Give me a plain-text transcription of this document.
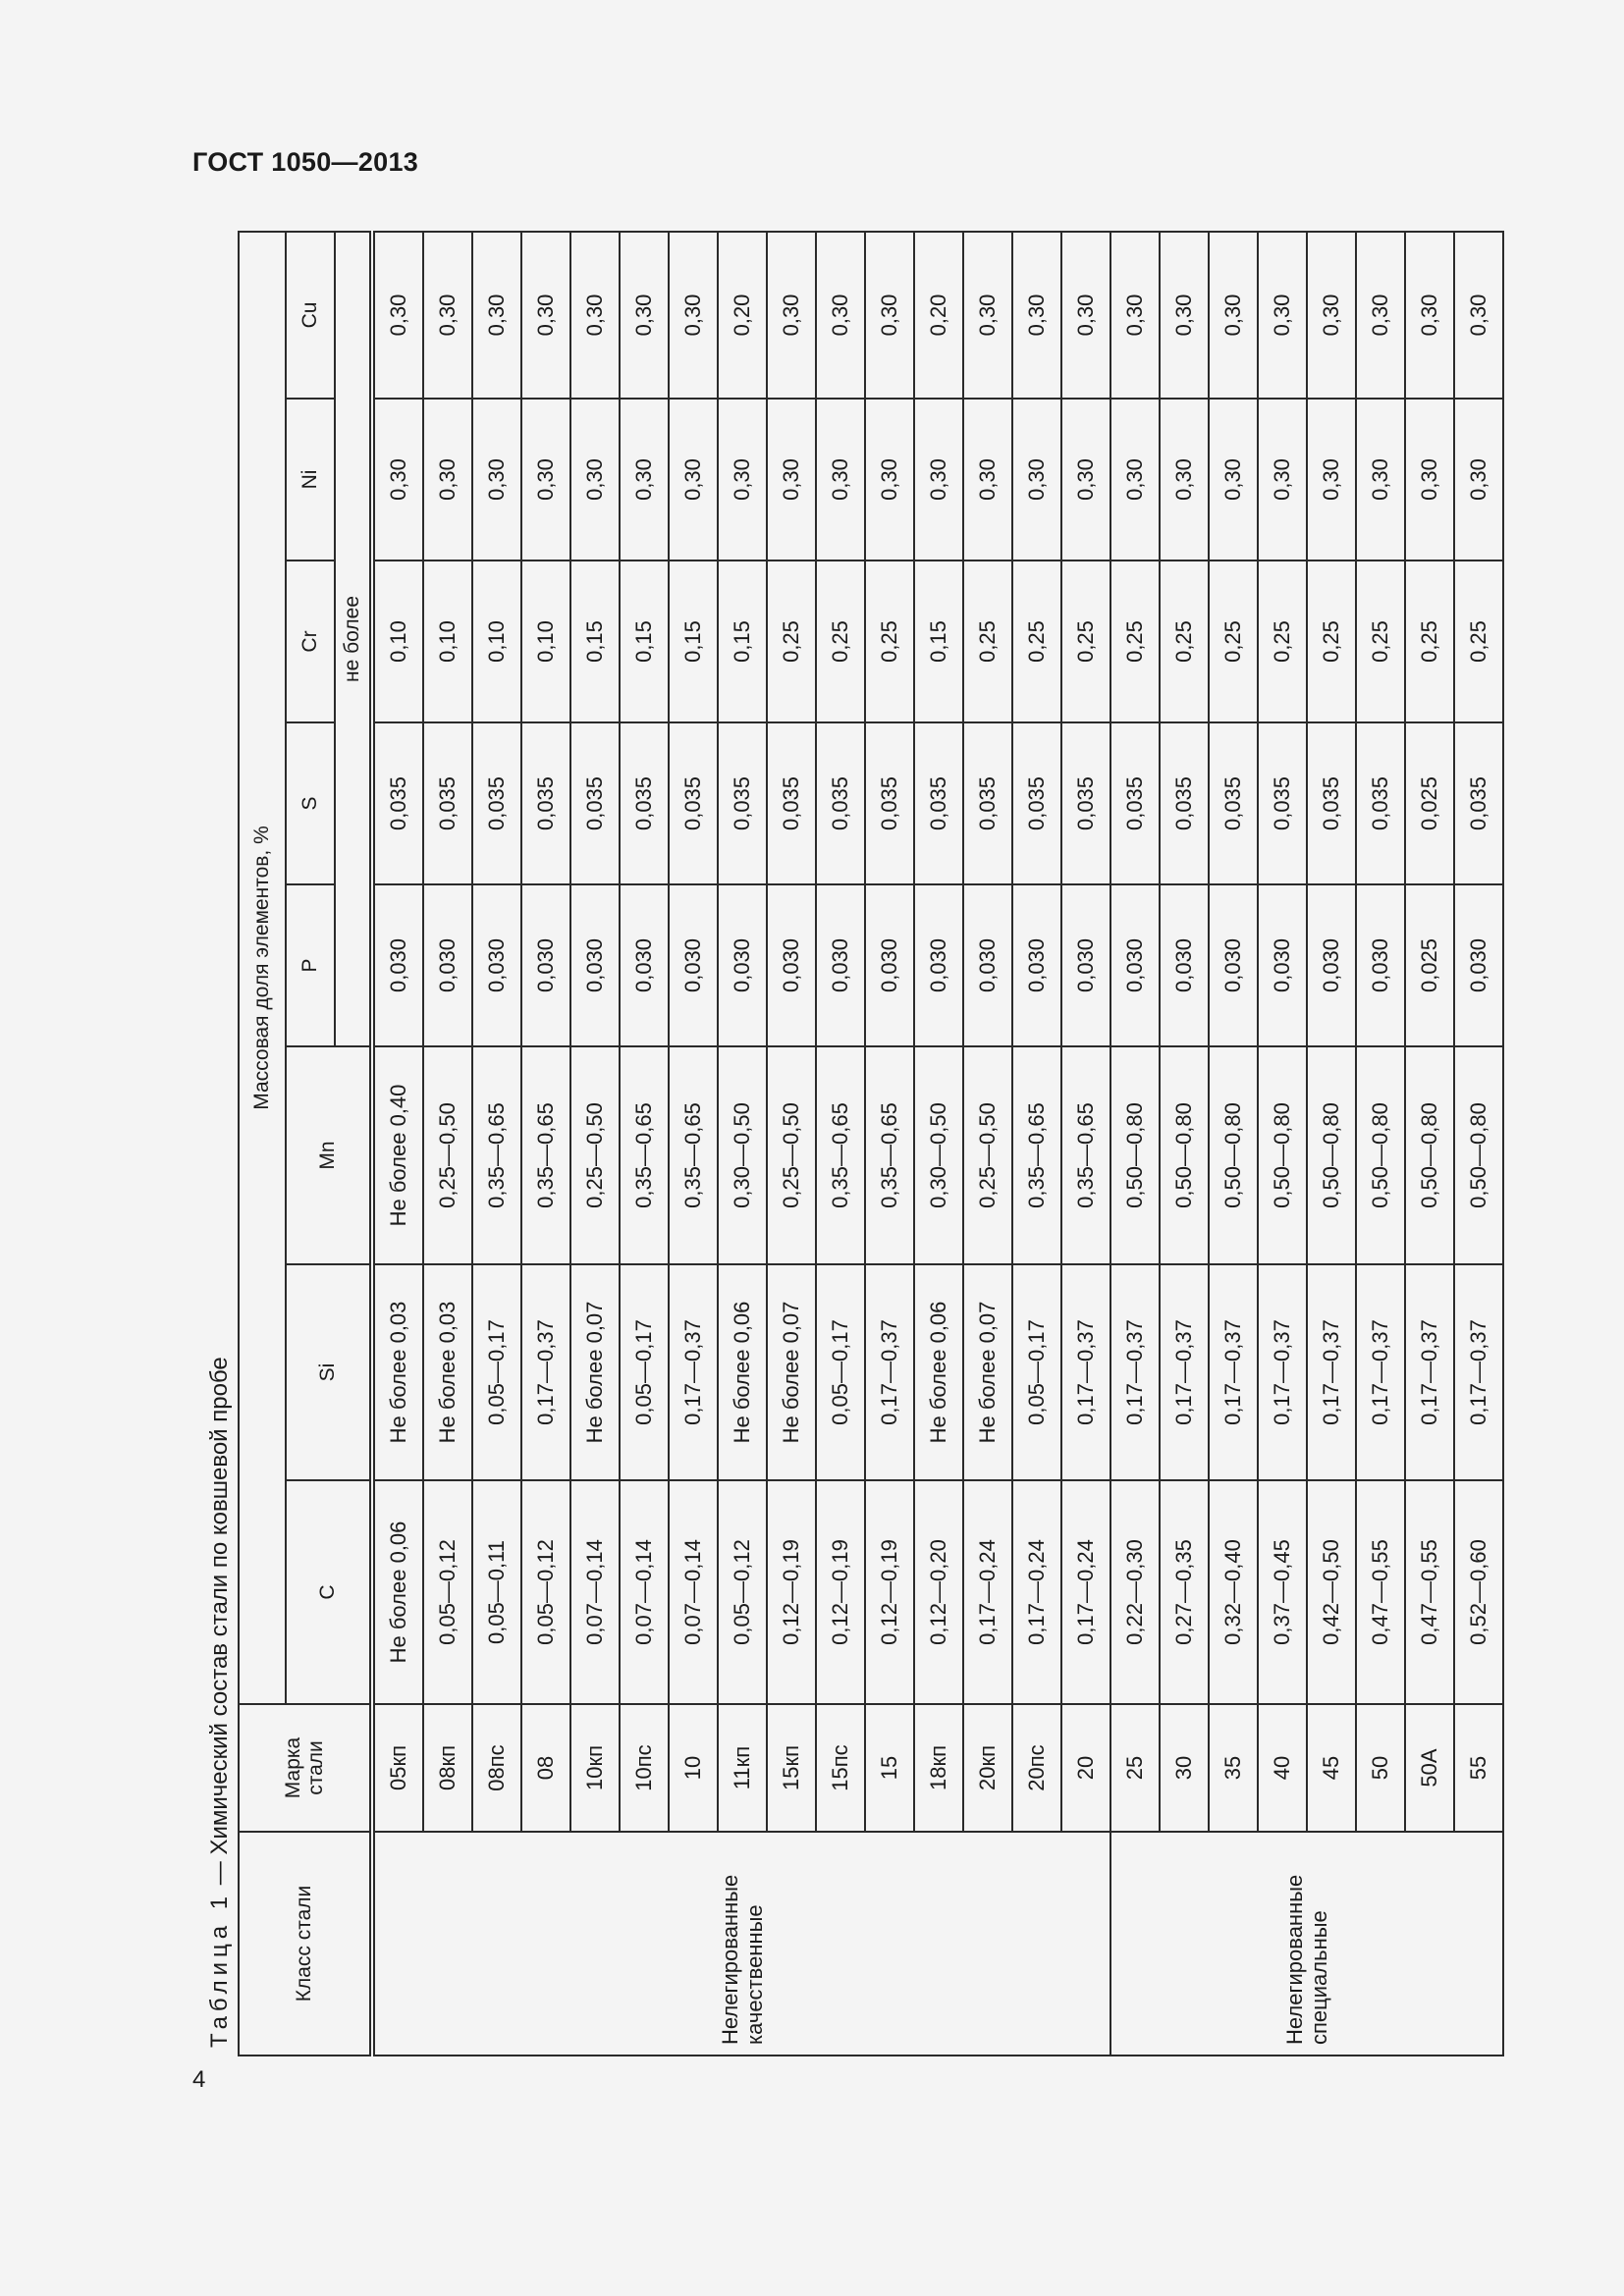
ГОСТ 1050—2013
Таблица 1 — Химический состав стали по ковшевой пробе
4
Класс стали	Марка стали	Массовая доля элементов, %							
		C	Si	Mn	P	S	Cr	Ni	Cu
					не более				
Нелегированные качественные	05кп	Не более 0,06	Не более 0,03	Не более 0,40	0,030	0,035	0,10	0,30	0,30
	08кп	0,05—0,12	Не более 0,03	0,25—0,50	0,030	0,035	0,10	0,30	0,30
	08пс	0,05—0,11	0,05—0,17	0,35—0,65	0,030	0,035	0,10	0,30	0,30
	08	0,05—0,12	0,17—0,37	0,35—0,65	0,030	0,035	0,10	0,30	0,30
	10кп	0,07—0,14	Не более 0,07	0,25—0,50	0,030	0,035	0,15	0,30	0,30
	10пс	0,07—0,14	0,05—0,17	0,35—0,65	0,030	0,035	0,15	0,30	0,30
	10	0,07—0,14	0,17—0,37	0,35—0,65	0,030	0,035	0,15	0,30	0,30
	11кп	0,05—0,12	Не более 0,06	0,30—0,50	0,030	0,035	0,15	0,30	0,20
	15кп	0,12—0,19	Не более 0,07	0,25—0,50	0,030	0,035	0,25	0,30	0,30
	15пс	0,12—0,19	0,05—0,17	0,35—0,65	0,030	0,035	0,25	0,30	0,30
	15	0,12—0,19	0,17—0,37	0,35—0,65	0,030	0,035	0,25	0,30	0,30
	18кп	0,12—0,20	Не более 0,06	0,30—0,50	0,030	0,035	0,15	0,30	0,20
	20кп	0,17—0,24	Не более 0,07	0,25—0,50	0,030	0,035	0,25	0,30	0,30
	20пс	0,17—0,24	0,05—0,17	0,35—0,65	0,030	0,035	0,25	0,30	0,30
	20	0,17—0,24	0,17—0,37	0,35—0,65	0,030	0,035	0,25	0,30	0,30
Нелегированные специальные	25	0,22—0,30	0,17—0,37	0,50—0,80	0,030	0,035	0,25	0,30	0,30
	30	0,27—0,35	0,17—0,37	0,50—0,80	0,030	0,035	0,25	0,30	0,30
	35	0,32—0,40	0,17—0,37	0,50—0,80	0,030	0,035	0,25	0,30	0,30
	40	0,37—0,45	0,17—0,37	0,50—0,80	0,030	0,035	0,25	0,30	0,30
	45	0,42—0,50	0,17—0,37	0,50—0,80	0,030	0,035	0,25	0,30	0,30
	50	0,47—0,55	0,17—0,37	0,50—0,80	0,030	0,035	0,25	0,30	0,30
	50А	0,47—0,55	0,17—0,37	0,50—0,80	0,025	0,025	0,25	0,30	0,30
	55	0,52—0,60	0,17—0,37	0,50—0,80	0,030	0,035	0,25	0,30	0,30
